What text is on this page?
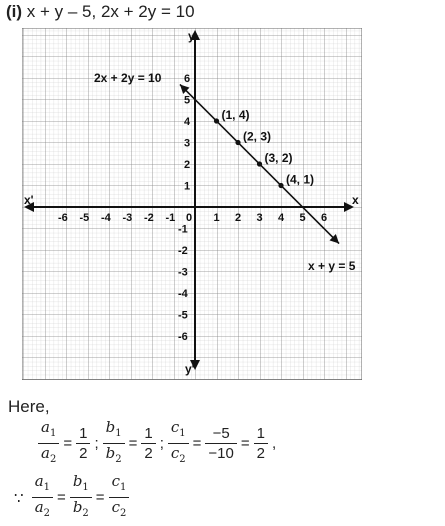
(i) x + y – 5, 2x + 2y = 10
x
x'
y
y'
-6 -5 -4 -3 -2 -1 0 1 2 3 4 5 6
6
5
4
3
2
1
-1
-2
-3
-4
-5
-6
(1, 4)
(2, 3)
(3, 2)
(4, 1)
2x + 2y = 10
x + y = 5
Here,
$\frac{a_1}{a_2} = \frac{1}{2}$ ; $\frac{b_1}{b_2} = \frac{1}{2}$ ; $\frac{c_1}{c_2} = \frac{-5}{-10} = \frac{1}{2}$ ,
∵ $\frac{a_1}{a_2} = \frac{b_1}{b_2} = \frac{c_1}{c_2}$
